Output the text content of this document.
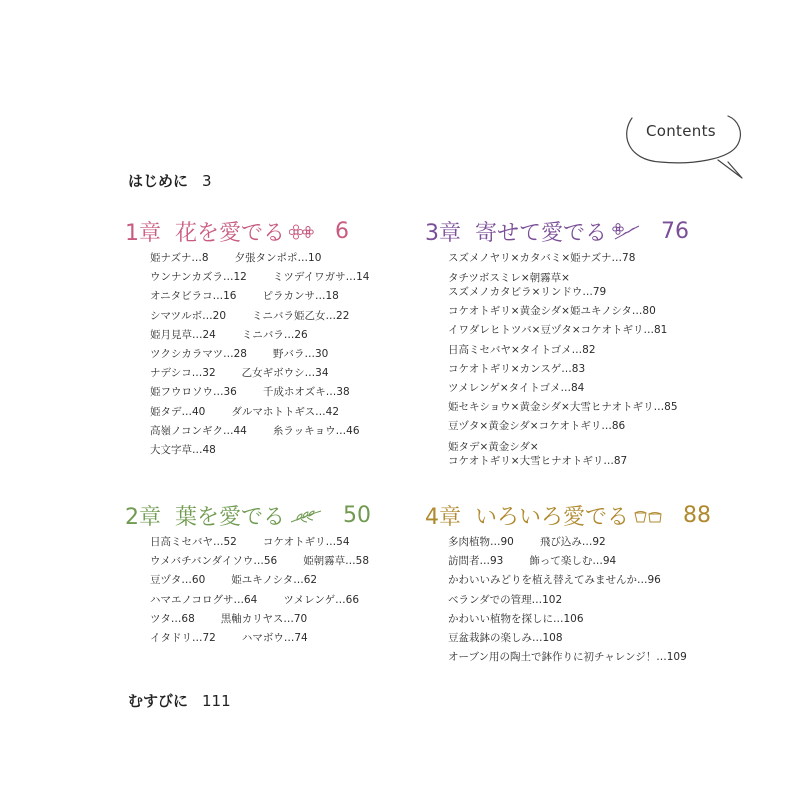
Contents
はじめに 3
1章 花を愛でる 6
姫ナズナ…8 夕張タンポポ…10
ウンナンカズラ…12 ミツデイワガサ…14
オニタビラコ…16 ピラカンサ…18
シマツルボ…20 ミニバラ姫乙女…22
姫月見草…24 ミニバラ…26
ツクシカラマツ…28 野バラ…30
ナデシコ…32 乙女ギボウシ…34
姫フウロソウ…36 千成ホオズキ…38
姫タデ…40 ダルマホトトギス…42
高嶺ノコンギク…44 糸ラッキョウ…46
大文字草…48
3章 寄せて愛でる 76
スズメノヤリ×カタバミ×姫ナズナ…78
タチツボスミレ×朝霧草×
スズメノカタビラ×リンドウ…79
コケオトギリ×黄金シダ×姫ユキノシタ…80
イワダレヒトツバ×豆ヅタ×コケオトギリ…81
日高ミセバヤ×タイトゴメ…82
コケオトギリ×カンスゲ…83
ツメレンゲ×タイトゴメ…84
姫セキショウ×黄金シダ×大雪ヒナオトギリ…85
豆ヅタ×黄金シダ×コケオトギリ…86
姫タデ×黄金シダ×
コケオトギリ×大雪ヒナオトギリ…87
2章 葉を愛でる	50
日高ミセバヤ…52 コケオトギリ…54
ウメバチバンダイソウ…56 姫朝霧草…58
豆ヅタ…60 姫ユキノシタ…62
ハマエノコログサ…64 ツメレンゲ…66
ツタ…68 黒軸カリヤス…70
イタドリ…72 ハマボウ…74
4章 いろいろ愛でる 88
多肉植物…90 飛び込み…92
訪問者…93 飾って楽しむ…94
かわいいみどりを植え替えてみませんか…96
ベランダでの管理…102
かわいい植物を探しに…106
豆盆栽鉢の楽しみ…108
オーブン用の陶土で鉢作りに初チャレンジ！…109
むすびに 111
